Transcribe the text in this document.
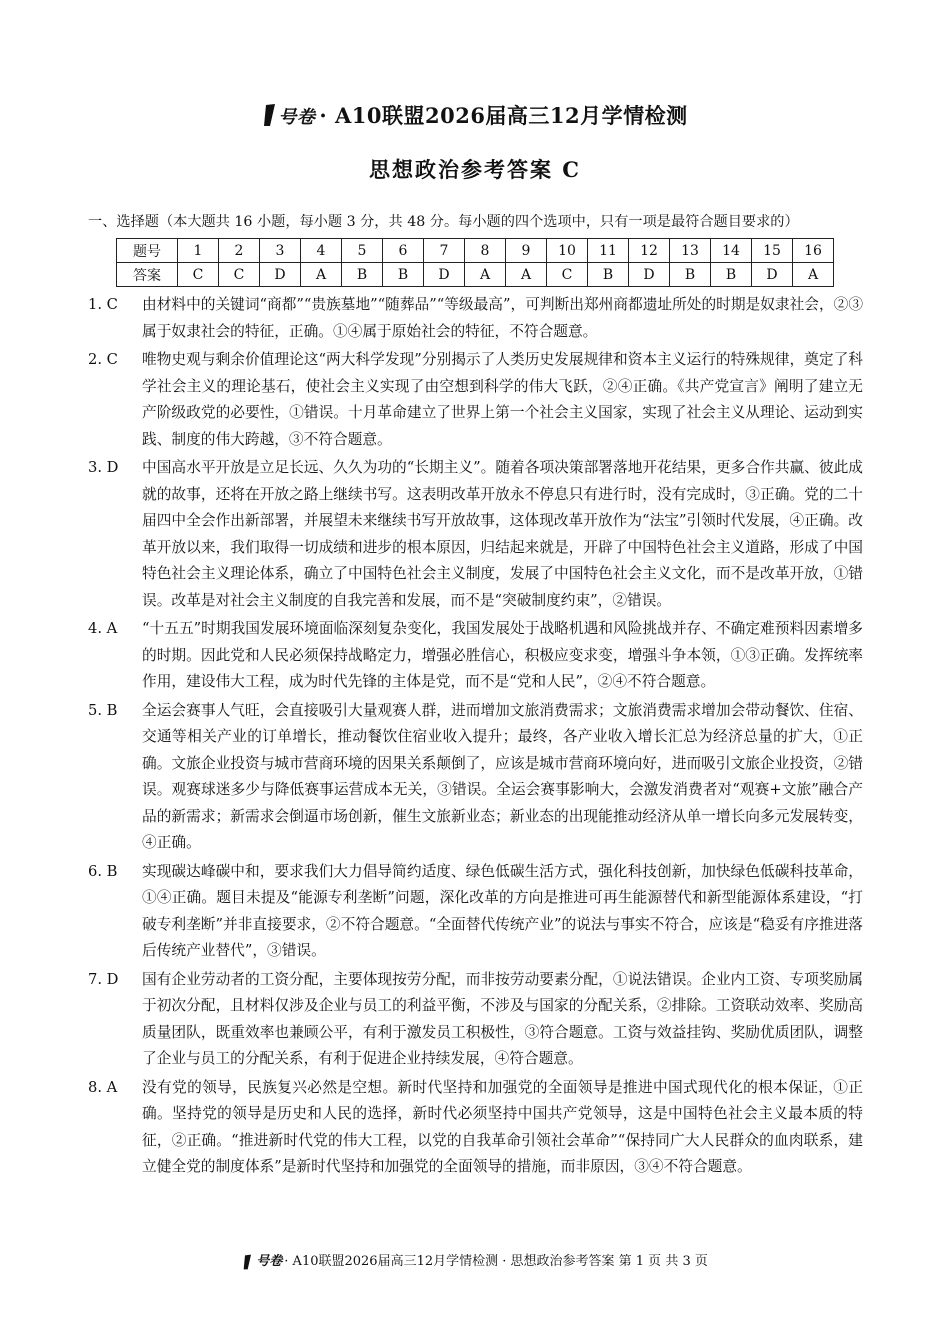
号卷 · A10联盟2026届高三12月学情检测
思想政治参考答案 C
一、选择题（本大题共 16 小题，每小题 3 分，共 48 分。每小题的四个选项中，只有一项是最符合题目要求的）
题号	1	2	3	4	5	6	7	8	9	10	11	12	13	14	15	16
答案	C	C	D	A	B	B	D	A	A	C	B	D	B	B	D	A
1. C	由材料中的关键词“商都”“贵族墓地”“随葬品”“等级最高”，可判断出郑州商都遗址所处的时期是奴隶社会，②③属于奴隶社会的特征，正确。①④属于原始社会的特征，不符合题意。
2. C	唯物史观与剩余价值理论这“两大科学发现”分别揭示了人类历史发展规律和资本主义运行的特殊规律，奠定了科学社会主义的理论基石，使社会主义实现了由空想到科学的伟大飞跃，②④正确。《共产党宣言》阐明了建立无产阶级政党的必要性，①错误。十月革命建立了世界上第一个社会主义国家，实现了社会主义从理论、运动到实践、制度的伟大跨越，③不符合题意。
3. D	中国高水平开放是立足长远、久久为功的“长期主义”。随着各项决策部署落地开花结果，更多合作共赢、彼此成就的故事，还将在开放之路上继续书写。这表明改革开放永不停息只有进行时，没有完成时，③正确。党的二十届四中全会作出新部署，并展望未来继续书写开放故事，这体现改革开放作为“法宝”引领时代发展，④正确。改革开放以来，我们取得一切成绩和进步的根本原因，归结起来就是，开辟了中国特色社会主义道路，形成了中国特色社会主义理论体系，确立了中国特色社会主义制度，发展了中国特色社会主义文化，而不是改革开放，①错误。改革是对社会主义制度的自我完善和发展，而不是“突破制度约束”，②错误。
4. A	“十五五”时期我国发展环境面临深刻复杂变化，我国发展处于战略机遇和风险挑战并存、不确定难预料因素增多的时期。因此党和人民必须保持战略定力，增强必胜信心，积极应变求变，增强斗争本领，①③正确。发挥统率作用，建设伟大工程，成为时代先锋的主体是党，而不是“党和人民”，②④不符合题意。
5. B	全运会赛事人气旺，会直接吸引大量观赛人群，进而增加文旅消费需求；文旅消费需求增加会带动餐饮、住宿、交通等相关产业的订单增长，推动餐饮住宿业收入提升；最终，各产业收入增长汇总为经济总量的扩大，①正确。文旅企业投资与城市营商环境的因果关系颠倒了，应该是城市营商环境向好，进而吸引文旅企业投资，②错误。观赛球迷多少与降低赛事运营成本无关，③错误。全运会赛事影响大，会激发消费者对“观赛+文旅”融合产品的新需求；新需求会倒逼市场创新，催生文旅新业态；新业态的出现能推动经济从单一增长向多元发展转变，④正确。
6. B	实现碳达峰碳中和，要求我们大力倡导简约适度、绿色低碳生活方式，强化科技创新，加快绿色低碳科技革命，①④正确。题目未提及“能源专利垄断”问题，深化改革的方向是推进可再生能源替代和新型能源体系建设，“打破专利垄断”并非直接要求，②不符合题意。“全面替代传统产业”的说法与事实不符合，应该是“稳妥有序推进落后传统产业替代”，③错误。
7. D	国有企业劳动者的工资分配，主要体现按劳分配，而非按劳动要素分配，①说法错误。企业内工资、专项奖励属于初次分配，且材料仅涉及企业与员工的利益平衡，不涉及与国家的分配关系，②排除。工资联动效率、奖励高质量团队，既重效率也兼顾公平，有利于激发员工积极性，③符合题意。工资与效益挂钩、奖励优质团队，调整了企业与员工的分配关系，有利于促进企业持续发展，④符合题意。
8. A	没有党的领导，民族复兴必然是空想。新时代坚持和加强党的全面领导是推进中国式现代化的根本保证，①正确。坚持党的领导是历史和人民的选择，新时代必须坚持中国共产党领导，这是中国特色社会主义最本质的特征，②正确。“推进新时代党的伟大工程，以党的自我革命引领社会革命”“保持同广大人民群众的血肉联系，建立健全党的制度体系”是新时代坚持和加强党的全面领导的措施，而非原因，③④不符合题意。
号卷 · A10联盟2026届高三12月学情检测 · 思想政治参考答案 第 1 页 共 3 页
